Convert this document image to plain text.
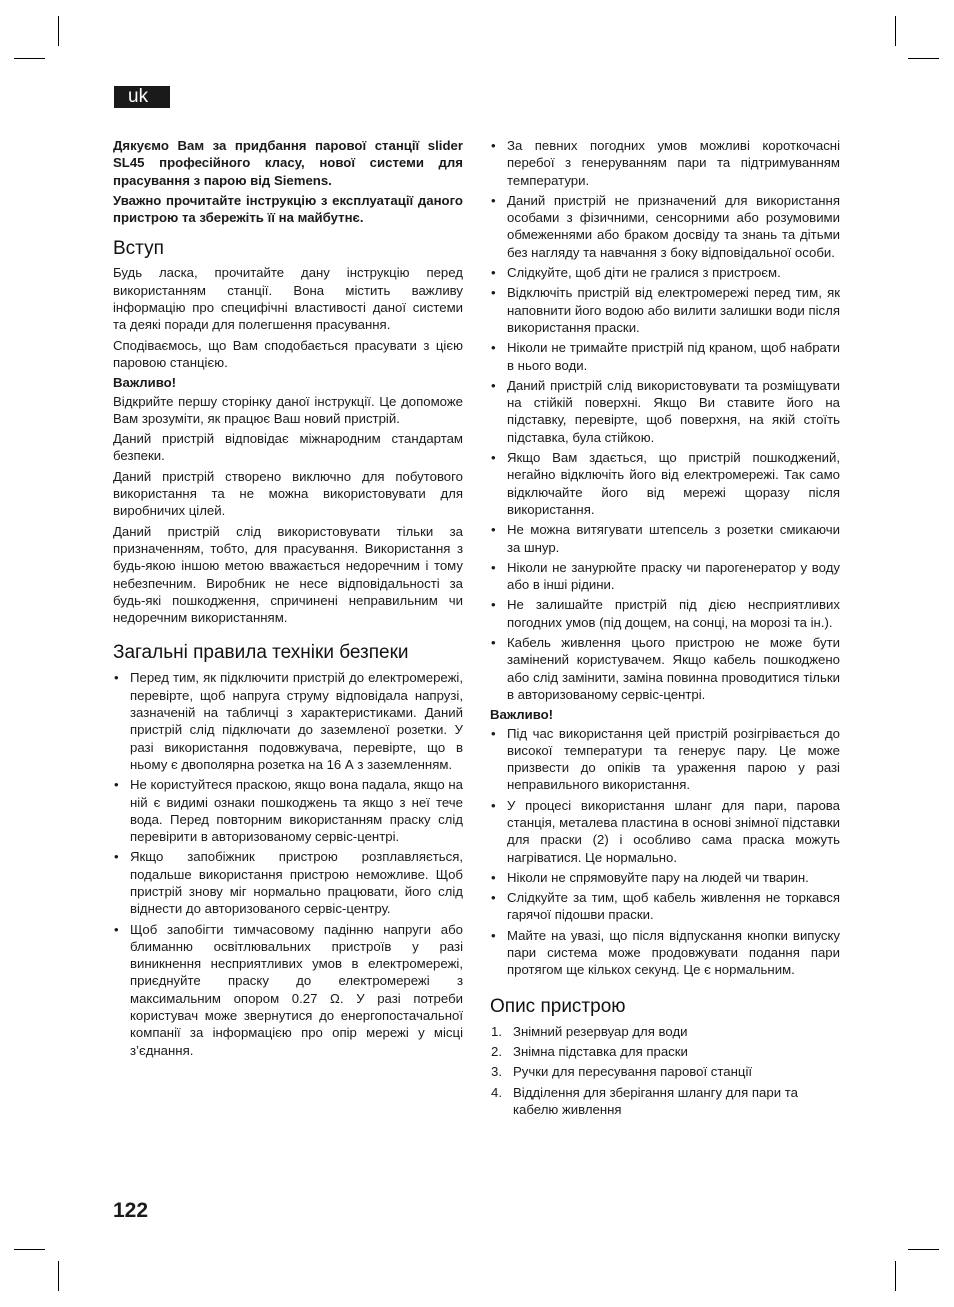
uk

Дякуємо Вам за придбання парової станції slider SL45 професійного класу, нової системи для прасування з парою від Siemens.

Уважно прочитайте інструкцію з експлуатації даного пристрою та збережіть її на майбутнє.

Вступ

Будь ласка, прочитайте дану інструкцію перед використанням станції. Вона містить важливу інформацію про специфічні властивості даної системи та деякі поради для полегшення прасування.

Сподіваємось, що Вам сподобається прасувати з цією паровою станцією.

Важливо!

Відкрийте першу сторінку даної інструкції. Це допоможе Вам зрозуміти, як працює Ваш новий пристрій.

Даний пристрій відповідає міжнародним стандартам безпеки.

Даний пристрій створено виключно для побутового використання та не можна використовувати для виробничих цілей.

Даний пристрій слід використовувати тільки за призначенням, тобто, для прасування. Використання з будь-якою іншою метою вважається недоречним і тому небезпечним. Виробник не несе відповідальності за будь-які пошкодження, спричинені неправильним чи недоречним використанням.

Загальні правила техніки безпеки
• Перед тим, як підключити пристрій до електромережі, перевірте, щоб напруга струму відповідала напрузі, зазначеній на табличці з характеристиками. Даний пристрій слід підключати до заземленої розетки. У разі використання подовжувача, перевірте, що в ньому є двополярна розетка на 16 А з заземленням.
• Не користуйтеся праскою, якщо вона падала, якщо на ній є видимі ознаки пошкоджень та якщо з неї тече вода. Перед повторним використанням праску слід перевірити в авторизованому сервіс-центрі.
• Якщо запобіжник пристрою розплавляється, подальше використання пристрою неможливе. Щоб пристрій знову міг нормально працювати, його слід віднести до авторизованого сервіс-центру.
• Щоб запобігти тимчасовому падінню напруги або блиманню освітлювальних пристроїв у разі виникнення несприятливих умов в електромережі, приєднуйте праску до електромережі з максимальним опором 0.27 Ω. У разі потреби користувач може звернутися до енергопостачальної компанії за інформацією про опір мережі у місці з’єднання.
• За певних погодних умов можливі короткочасні перебої з генеруванням пари та підтримуванням температури.
• Даний пристрій не призначений для використання особами з фізичними, сенсорними або розумовими обмеженнями або браком досвіду та знань та дітьми без нагляду та навчання з боку відповідальної особи.
• Слідкуйте, щоб діти не гралися з пристроєм.
• Відключіть пристрій від електромережі перед тим, як наповнити його водою або вилити залишки води після використання праски.
• Ніколи не тримайте пристрій під краном, щоб набрати в нього води.
• Даний пристрій слід використовувати та розміщувати на стійкій поверхні. Якщо Ви ставите його на підставку, перевірте, щоб поверхня, на якій стоїть підставка, була стійкою.
• Якщо Вам здається, що пристрій пошкоджений, негайно відключіть його від електромережі. Так само відключайте його від мережі щоразу після використання.
• Не можна витягувати штепсель з розетки смикаючи за шнур.
• Ніколи не занурюйте праску чи парогенератор у воду або в інші рідини.
• Не залишайте пристрій під дією несприятливих погодних умов (під дощем, на сонці, на морозі та ін.).
• Кабель живлення цього пристрою не може бути замінений користувачем. Якщо кабель пошкоджено або слід замінити, заміна повинна проводитися тільки в авторизованому сервіс-центрі.

Важливо!

• Під час використання цей пристрій розігрівається до високої температури та генерує пару. Це може призвести до опіків та ураження парою у разі неправильного використання.
• У процесі використання шланг для пари, парова станція, металева пластина в основі знімної підставки для праски (2) і особливо сама праска можуть нагріватися. Це нормально.
• Ніколи не спрямовуйте пару на людей чи тварин.
• Слідкуйте за тим, щоб кабель живлення не торкався гарячої підошви праски.
• Майте на увазі, що після відпускання кнопки випуску пари система може продовжувати подання пари протягом ще кількох секунд. Це є нормальним.
Опис пристрою
1. Знімний резервуар для води
2. Знімна підставка для праски
3. Ручки для пересування парової станції
4. Відділення для зберігання шлангу для пари та кабелю живлення
122
